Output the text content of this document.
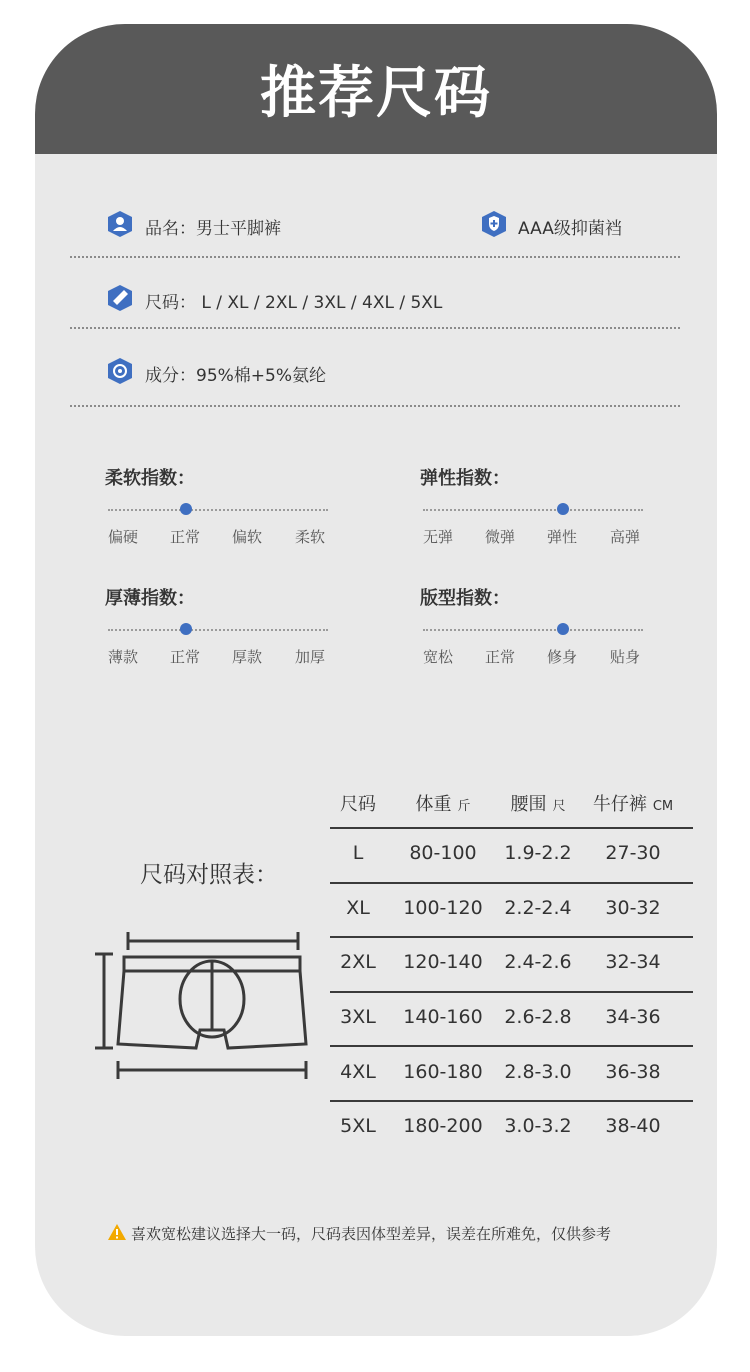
推荐尺码
品名：男士平脚裤	AAA级抑菌裆
尺码： L / XL / 2XL / 3XL / 4XL / 5XL
成分：95%棉+5%氨纶
柔软指数：
偏硬 正常 偏软 柔软
弹性指数：
无弹 微弹 弹性 高弹
厚薄指数：
薄款 正常 厚款 加厚
版型指数：
宽松 正常 修身 贴身
尺码对照表：
尺码	体重 斤	腰围 尺	牛仔裤 CM
L	80-100	1.9-2.2	27-30
XL	100-120	2.2-2.4	30-32
2XL	120-140	2.4-2.6	32-34
3XL	140-160	2.6-2.8	34-36
4XL	160-180	2.8-3.0	36-38
5XL	180-200	3.0-3.2	38-40
喜欢宽松建议选择大一码，尺码表因体型差异，误差在所难免，仅供参考
